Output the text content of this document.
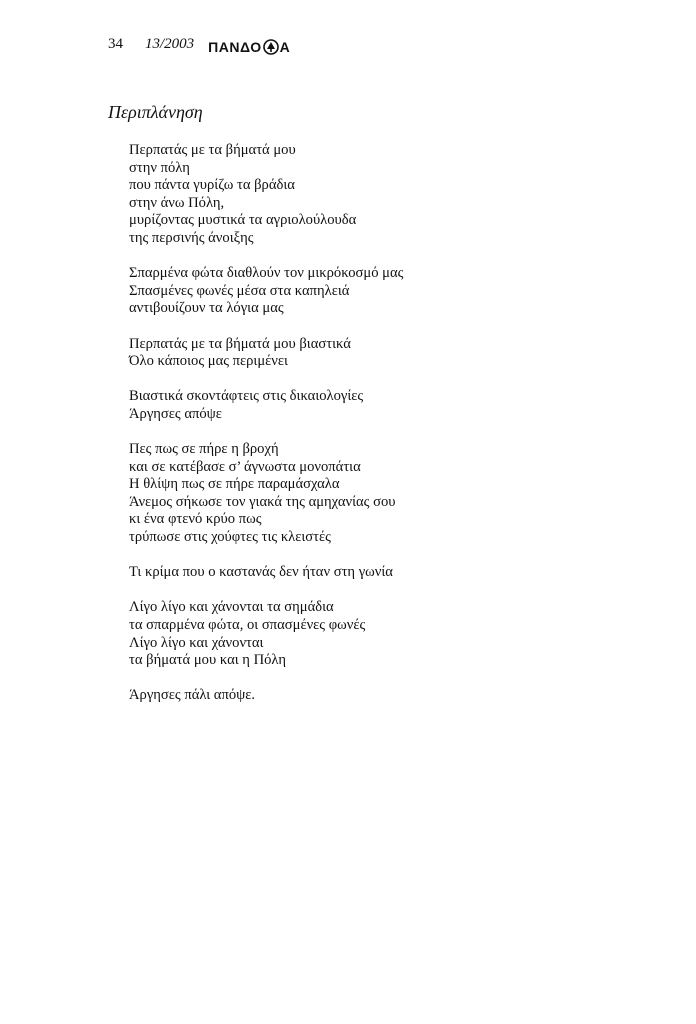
34 13/2003 ΠΑΝΔΟ Α
Περιπλάνηση
Περπατάς με τα βήματά μου
στην πόλη
που πάντα γυρίζω τα βράδια
στην άνω Πόλη,
μυρίζοντας μυστικά τα αγριολούλουδα
της περσινής άνοιξης
Σπαρμένα φώτα διαθλούν τον μικρόκοσμό μας
Σπασμένες φωνές μέσα στα καπηλειά
αντιβουίζουν τα λόγια μας
Περπατάς με τα βήματά μου βιαστικά
Όλο κάποιος μας περιμένει
Βιαστικά σκοντάφτεις στις δικαιολογίες
Άργησες απόψε
Πες πως σε πήρε η βροχή
και σε κατέβασε σ’ άγνωστα μονοπάτια
Η θλίψη πως σε πήρε παραμάσχαλα
Άνεμος σήκωσε τον γιακά της αμηχανίας σου
κι ένα φτενό κρύο πως
τρύπωσε στις χούφτες τις κλειστές
Τι κρίμα που ο καστανάς δεν ήταν στη γωνία
Λίγο λίγο και χάνονται τα σημάδια
τα σπαρμένα φώτα, οι σπασμένες φωνές
Λίγο λίγο και χάνονται
τα βήματά μου και η Πόλη
Άργησες πάλι απόψε.
